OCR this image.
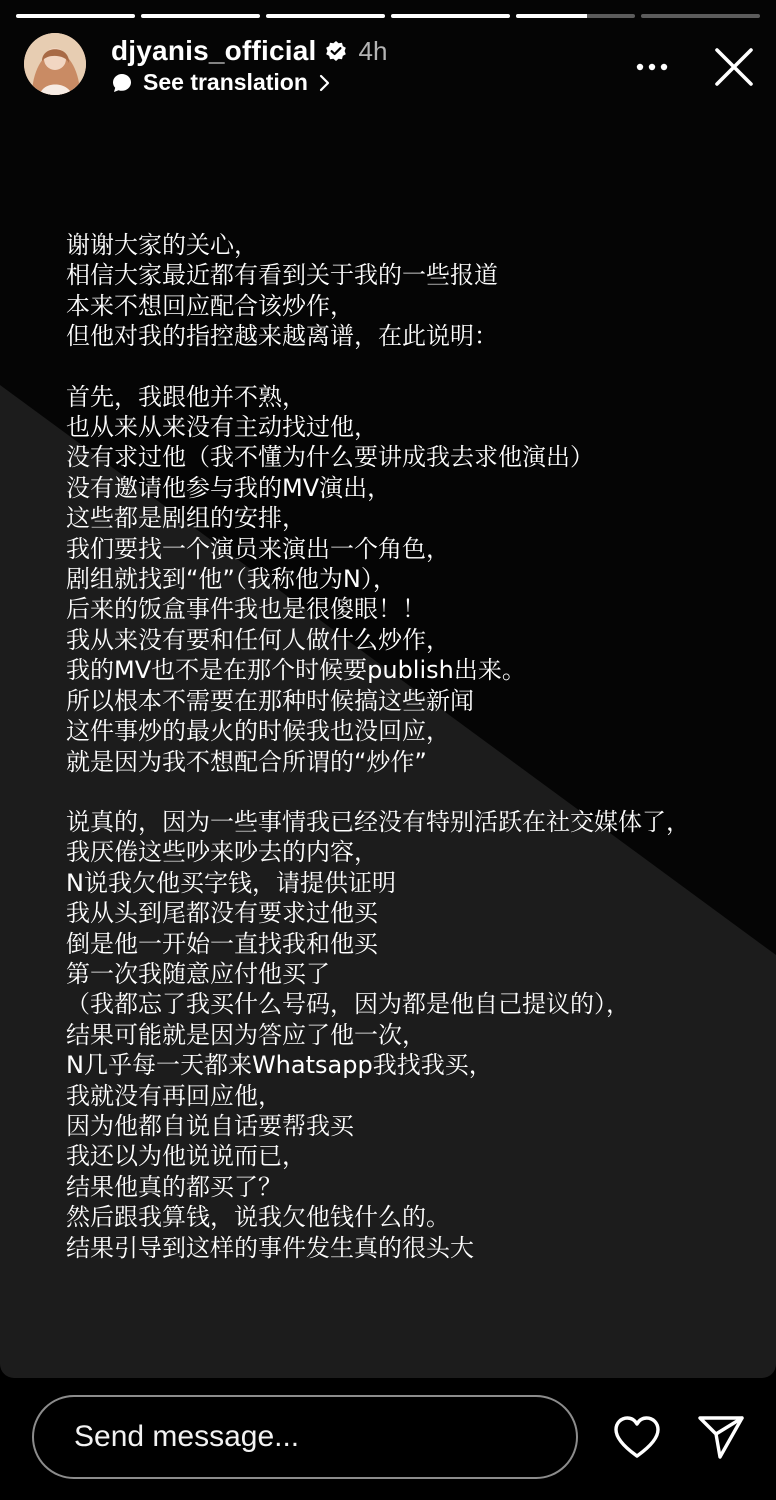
djyanis_official 4h
See translation
谢谢大家的关心，
相信大家最近都有看到关于我的一些报道
本来不想回应配合该炒作，
但他对我的指控越来越离谱，在此说明：
首先，我跟他并不熟，
也从来从来没有主动找过他，
没有求过他（我不懂为什么要讲成我去求他演出）
没有邀请他参与我的MV演出，
这些都是剧组的安排，
我们要找一个演员来演出一个角色，
剧组就找到“他”（我称他为N），
后来的饭盒事件我也是很傻眼！！
我从来没有要和任何人做什么炒作，
我的MV也不是在那个时候要publish出来。
所以根本不需要在那种时候搞这些新闻
这件事炒的最火的时候我也没回应，
就是因为我不想配合所谓的“炒作”
说真的，因为一些事情我已经没有特别活跃在社交媒体了，
我厌倦这些吵来吵去的内容，
N说我欠他买字钱，请提供证明
我从头到尾都没有要求过他买
倒是他一开始一直找我和他买
第一次我随意应付他买了
（我都忘了我买什么号码，因为都是他自己提议的），
结果可能就是因为答应了他一次，
N几乎每一天都来Whatsapp我找我买，
我就没有再回应他，
因为他都自说自话要帮我买
我还以为他说说而已，
结果他真的都买了？
然后跟我算钱，说我欠他钱什么的。
结果引导到这样的事件发生真的很头大
Send message...
